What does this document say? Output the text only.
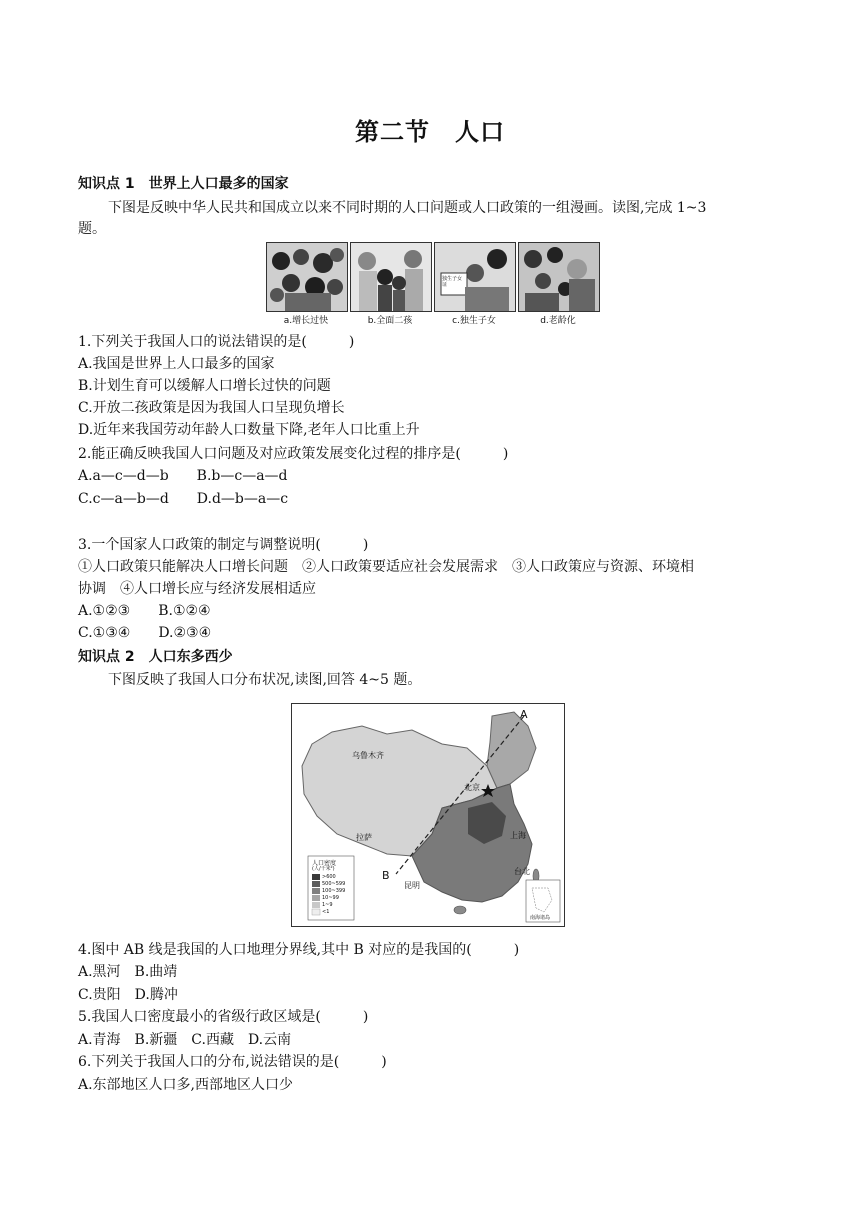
第二节　人口
知识点 1　世界上人口最多的国家
下图是反映中华人民共和国成立以来不同时期的人口问题或人口政策的一组漫画。读图,完成 1~3
题。
独生子女证
a.增长过快	b.全面二孩	c.独生子女	d.老龄化
1.下列关于我国人口的说法错误的是(　　　)
A.我国是世界上人口最多的国家
B.计划生育可以缓解人口增长过快的问题
C.开放二孩政策是因为我国人口呈现负增长
D.近年来我国劳动年龄人口数量下降,老年人口比重上升
2.能正确反映我国人口问题及对应政策发展变化过程的排序是(　　　)
A.a—c—d—b　　B.b—c—a—d
C.c—a—b—d　　D.d—b—a—c
3.一个国家人口政策的制定与调整说明(　　　)
①人口政策只能解决人口增长问题　②人口政策要适应社会发展需求　③人口政策应与资源、环境相
协调　④人口增长应与经济发展相适应
A.①②③　　B.①②④
C.①③④　　D.②③④
知识点 2　人口东多西少
下图反映了我国人口分布状况,读图,回答 4~5 题。
A
B
乌鲁木齐
北京
上海
拉萨
昆明
台北
人口密度
(人/千米²)
>600
500~599
100~399
10~99
1~9
<1
南海诸岛
4.图中 AB 线是我国的人口地理分界线,其中 B 对应的是我国的(　　　)
A.黑河　B.曲靖
C.贵阳　D.腾冲
5.我国人口密度最小的省级行政区域是(　　　)
A.青海　B.新疆　C.西藏　D.云南
6.下列关于我国人口的分布,说法错误的是(　　　)
A.东部地区人口多,西部地区人口少
